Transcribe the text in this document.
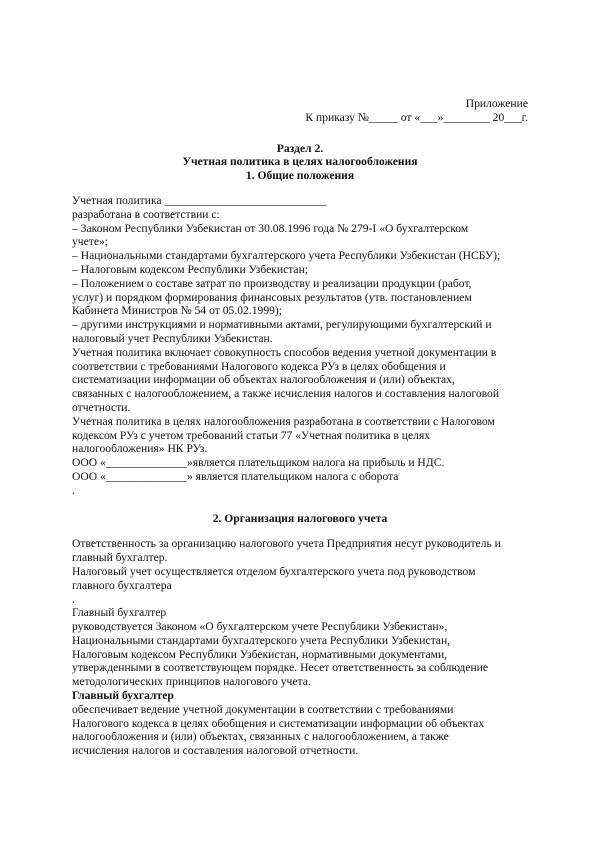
Приложение
К приказу №_____ от «___»________ 20___г.
Раздел 2.
Учетная политика в целях налогообложения
1. Общие положения
Учетная политика ____________________________
разработана в соответствии с:
– Законом Республики Узбекистан от 30.08.1996 года № 279-I «О бухгалтерском
учете»;
– Национальными стандартами бухгалтерского учета Республики Узбекистан (НСБУ);
– Налоговым кодексом Республики Узбекистан;
– Положением о составе затрат по производству и реализации продукции (работ,
услуг) и порядком формирования финансовых результатов (утв. постановлением
Кабинета Министров № 54 от 05.02.1999);
– другими инструкциями и нормативными актами, регулирующими бухгалтерский и
налоговый учет Республики Узбекистан.
Учетная политика включает совокупность способов ведения учетной документации в
соответствии с требованиями Налогового кодекса РУз в целях обобщения и
систематизации информации об объектах налогообложения и (или) объектах,
связанных с налогообложением, а также исчисления налогов и составления налоговой
отчетности.
Учетная политика в целях налогообложения разработана в соответствии с Налоговом
кодексом РУз с учетом требований статьи 77 «Учетная политика в целях
налогообложения» НК РУз.
ООО «______________»является плательщиком налога на прибыль и НДС.
ООО «______________» является плательщиком налога с оборота
.
2. Организация налогового учета
Ответственность за организацию налогового учета Предприятия несут руководитель и
главный бухгалтер.
Налоговый учет осуществляется отделом бухгалтерского учета под руководством
главного бухгалтера
.
Главный бухгалтер
руководствуется Законом «О бухгалтерском учете Республики Узбекистан»,
Национальными стандартами бухгалтерского учета Республики Узбекистан,
Налоговым кодексом Республики Узбекистан, нормативными документами,
утвержденными в соответствующем порядке. Несет ответственность за соблюдение
методологических принципов налогового учета.
Главный бухгалтер
обеспечивает ведение учетной документации в соответствии с требованиями
Налогового кодекса в целях обобщения и систематизации информации об объектах
налогообложения и (или) объектах, связанных с налогообложением, а также
исчисления налогов и составления налоговой отчетности.
